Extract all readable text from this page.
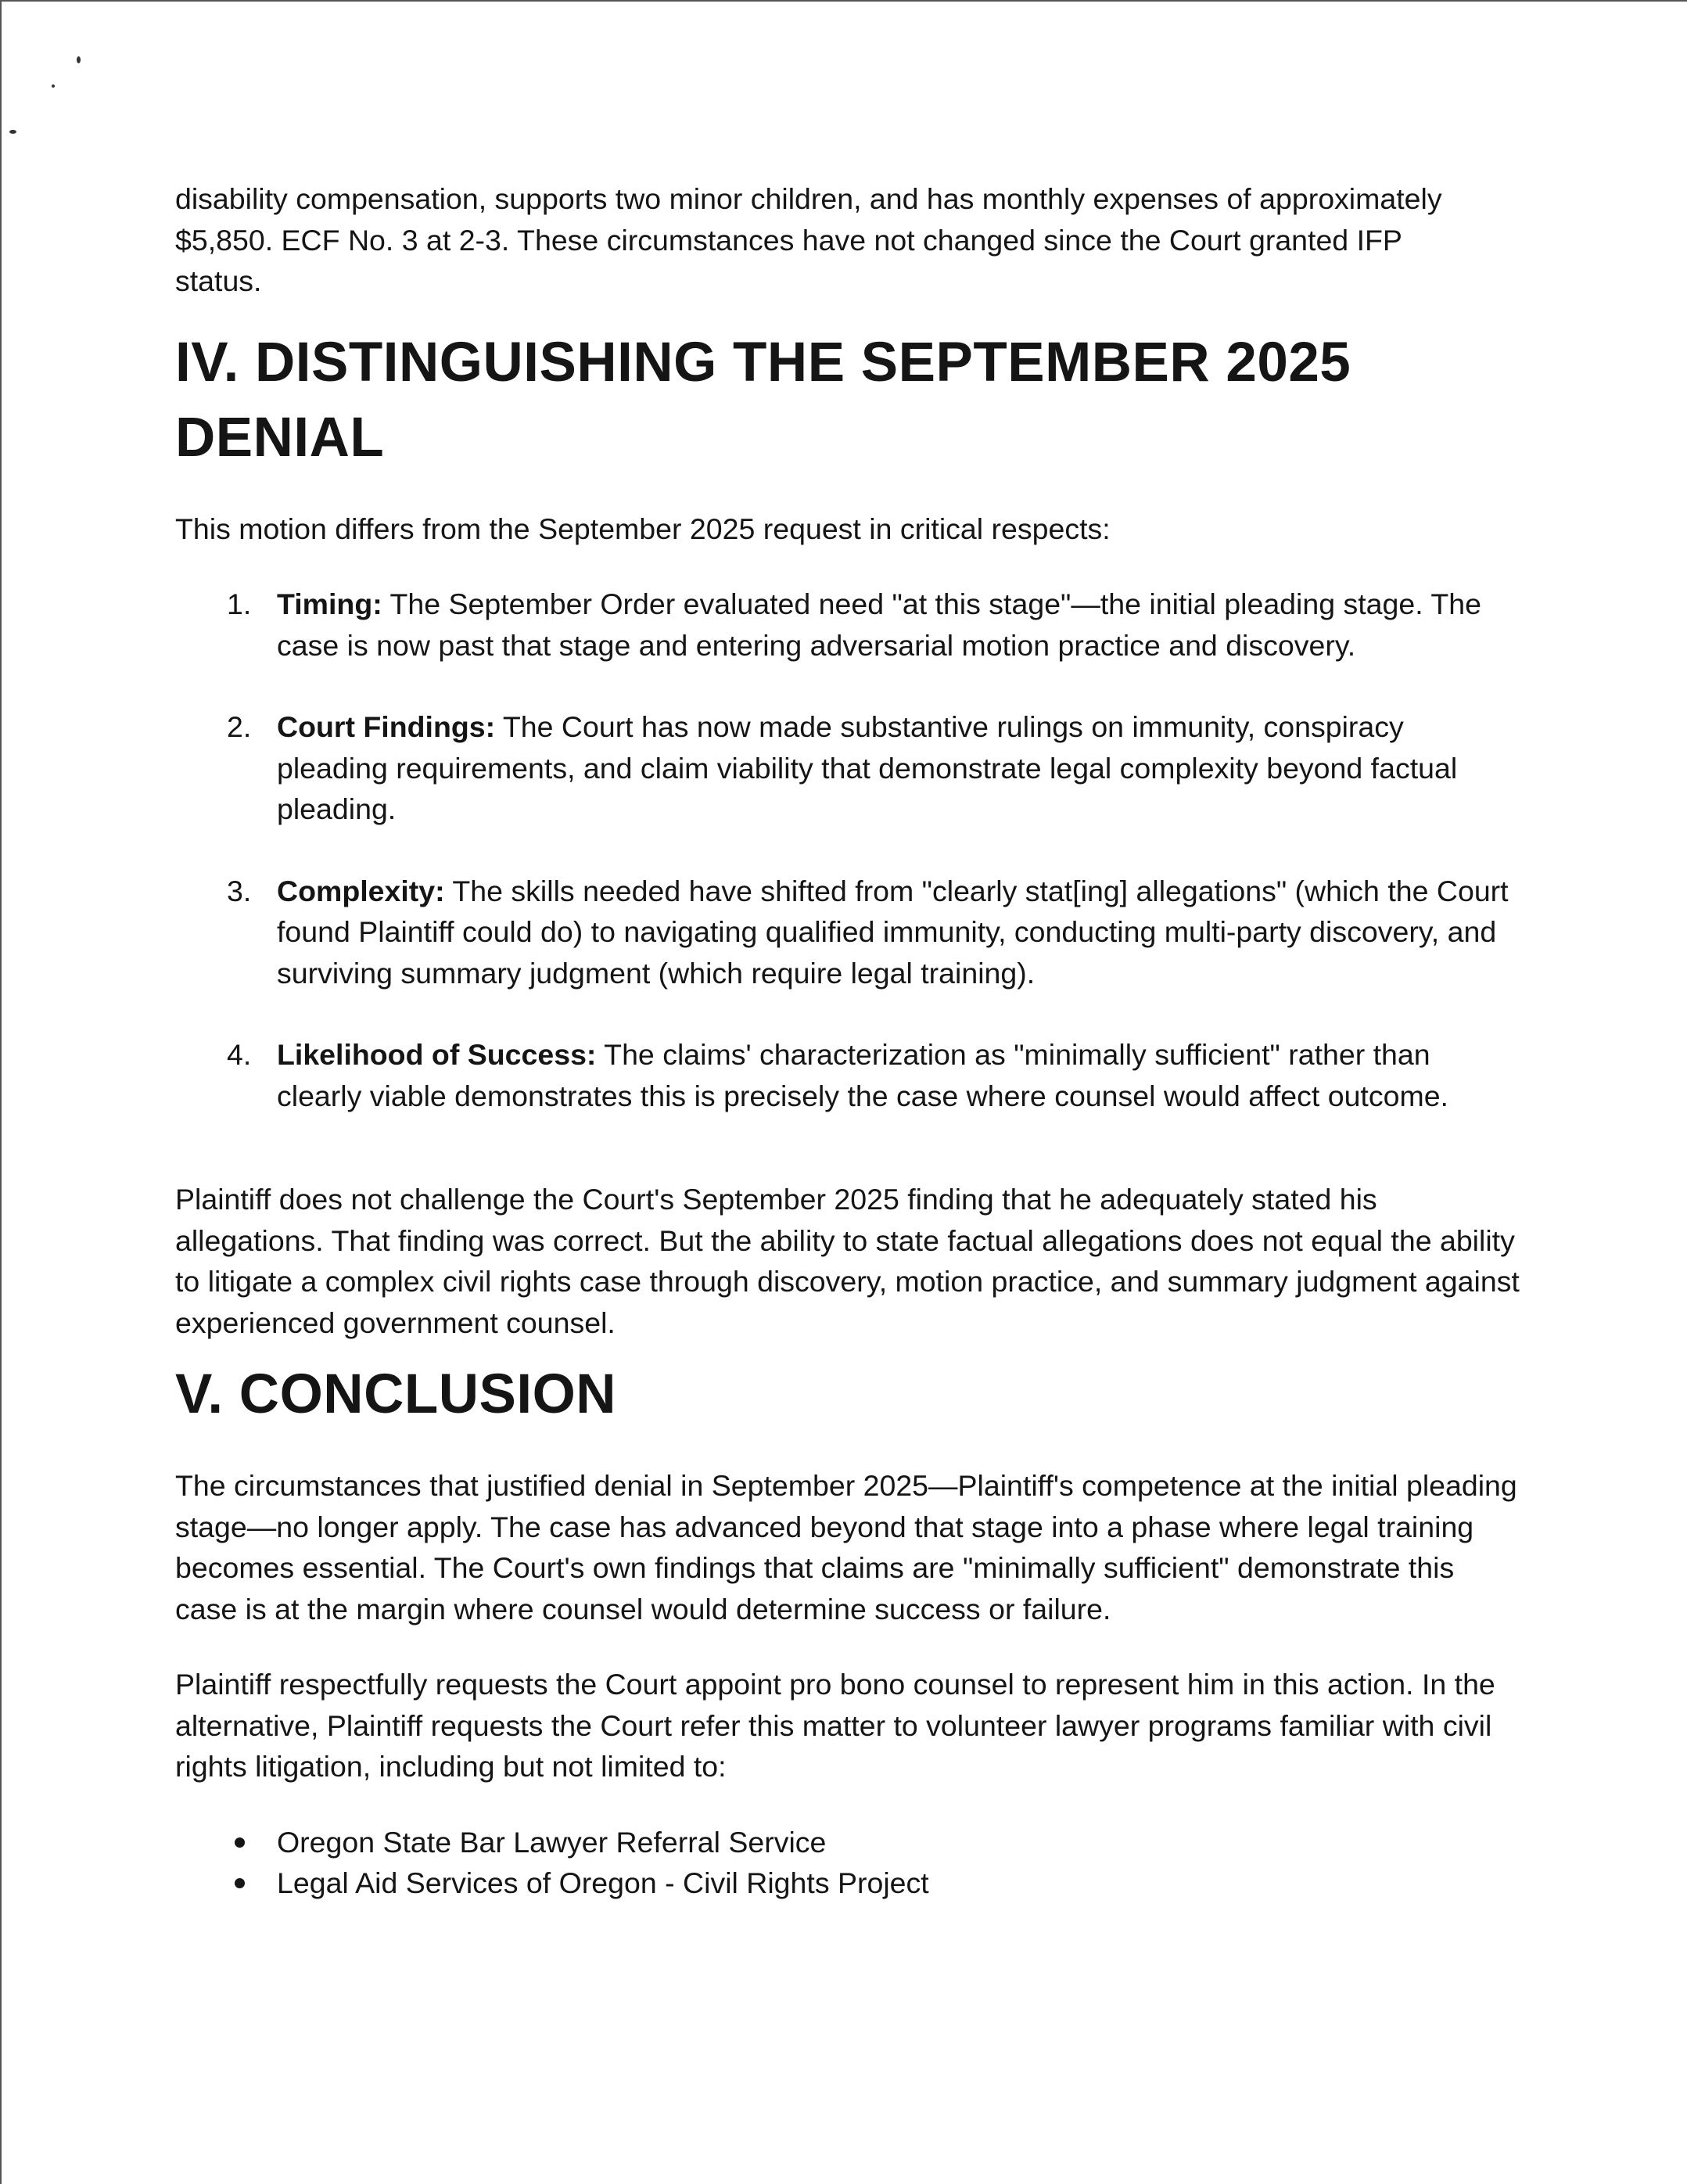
disability compensation, supports two minor children, and has monthly expenses of approximately $5,850. ECF No. 3 at 2-3. These circumstances have not changed since the Court granted IFP status.

IV. DISTINGUISHING THE SEPTEMBER 2025
DENIAL

This motion differs from the September 2025 request in critical respects:

1. Timing: The September Order evaluated need "at this stage"—the initial pleading stage. The case is now past that stage and entering adversarial motion practice and discovery.
2. Court Findings: The Court has now made substantive rulings on immunity, conspiracy pleading requirements, and claim viability that demonstrate legal complexity beyond factual pleading.
3. Complexity: The skills needed have shifted from "clearly stat[ing] allegations" (which the Court found Plaintiff could do) to navigating qualified immunity, conducting multi-party discovery, and surviving summary judgment (which require legal training).
4. Likelihood of Success: The claims' characterization as "minimally sufficient" rather than clearly viable demonstrates this is precisely the case where counsel would affect outcome.

Plaintiff does not challenge the Court's September 2025 finding that he adequately stated his allegations. That finding was correct. But the ability to state factual allegations does not equal the ability to litigate a complex civil rights case through discovery, motion practice, and summary judgment against experienced government counsel.

V. CONCLUSION

The circumstances that justified denial in September 2025—Plaintiff's competence at the initial pleading stage—no longer apply. The case has advanced beyond that stage into a phase where legal training becomes essential. The Court's own findings that claims are "minimally sufficient" demonstrate this case is at the margin where counsel would determine success or failure.

Plaintiff respectfully requests the Court appoint pro bono counsel to represent him in this action. In the alternative, Plaintiff requests the Court refer this matter to volunteer lawyer programs familiar with civil rights litigation, including but not limited to:

Oregon State Bar Lawyer Referral Service
Legal Aid Services of Oregon - Civil Rights Project
